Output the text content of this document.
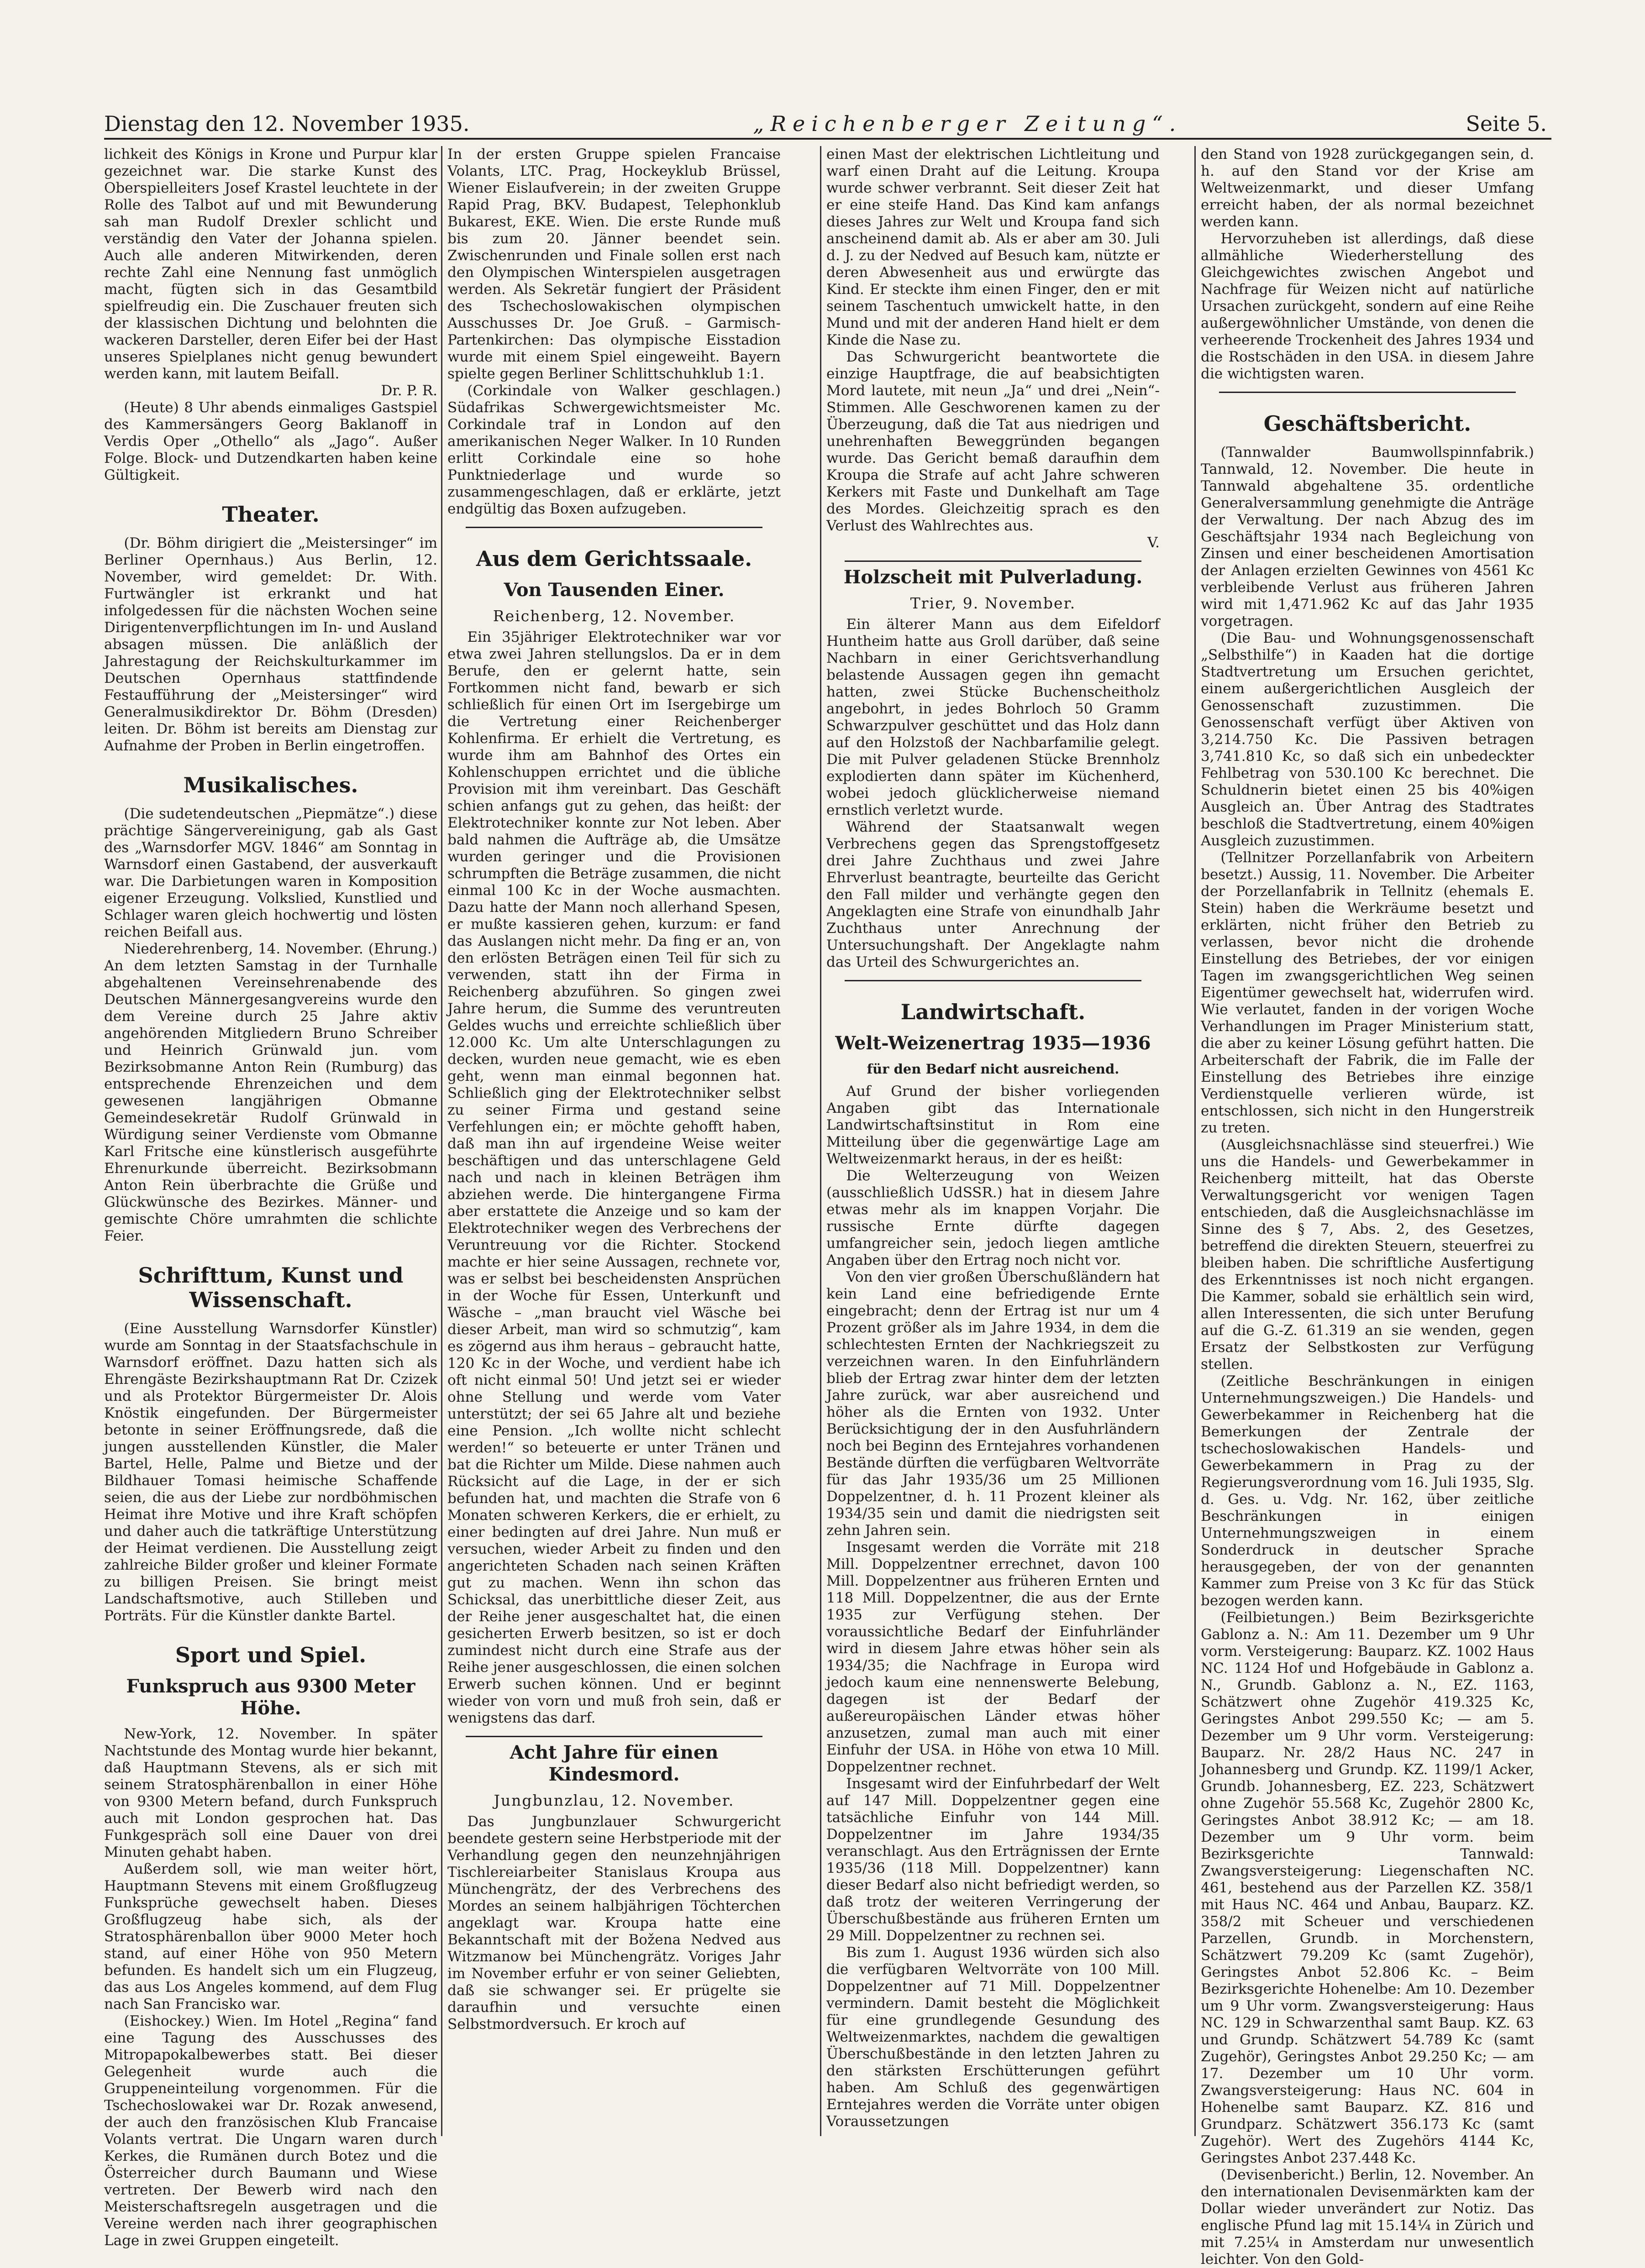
Dienstag den 12. November 1935.	„Reichenberger Zeitung“.	Seite 5.

lichkeit des Königs in Krone und Purpur klar gezeichnet war. Die starke Kunst des Oberspielleiters Josef Krastel leuchtete in der Rolle des Talbot auf und mit Bewunderung sah man Rudolf Drexler schlicht und verständig den Vater der Johanna spielen. Auch alle anderen Mitwirkenden, deren rechte Zahl eine Nennung fast unmöglich macht, fügten sich in das Gesamtbild spielfreudig ein. Die Zuschauer freuten sich der klassischen Dichtung und belohnten die wackeren Darsteller, deren Eifer bei der Hast unseres Spielplanes nicht genug bewundert werden kann, mit lautem Beifall.

Dr. P. R.

(Heute) 8 Uhr abends einmaliges Gastspiel des Kammersängers Georg Baklanoff in Verdis Oper „Othello“ als „Jago“. Außer Folge. Block- und Dutzendkarten haben keine Gültigkeit.

Theater.

(Dr. Böhm dirigiert die „Meistersinger“ im Berliner Opernhaus.) Aus Berlin, 12. November, wird gemeldet: Dr. With. Furtwängler ist erkrankt und hat infolgedessen für die nächsten Wochen seine Dirigentenverpflichtungen im In- und Ausland absagen müssen. Die anläßlich der Jahrestagung der Reichskulturkammer im Deutschen Opernhaus stattfindende Festaufführung der „Meistersinger“ wird Generalmusikdirektor Dr. Böhm (Dresden) leiten. Dr. Böhm ist bereits am Dienstag zur Aufnahme der Proben in Berlin eingetroffen.

Musikalisches.

(Die sudetendeutschen „Piepmätze“.) diese prächtige Sängervereinigung, gab als Gast des „Warnsdorfer MGV. 1846“ am Sonntag in Warnsdorf einen Gastabend, der ausverkauft war. Die Darbietungen waren in Komposition eigener Erzeugung. Volkslied, Kunstlied und Schlager waren gleich hochwertig und lösten reichen Beifall aus.

Niederehrenberg, 14. November. (Ehrung.) An dem letzten Samstag in der Turnhalle abgehaltenen Vereinsehrenabende des Deutschen Männergesangvereins wurde den dem Vereine durch 25 Jahre aktiv angehörenden Mitgliedern Bruno Schreiber und Heinrich Grünwald jun. vom Bezirksobmanne Anton Rein (Rumburg) das entsprechende Ehrenzeichen und dem gewesenen langjährigen Obmanne Gemeindesekretär Rudolf Grünwald in Würdigung seiner Verdienste vom Obmanne Karl Fritsche eine künstlerisch ausgeführte Ehrenurkunde überreicht. Bezirksobmann Anton Rein überbrachte die Grüße und Glückwünsche des Bezirkes. Männer- und gemischte Chöre umrahmten die schlichte Feier.

Schrifttum, Kunst und Wissenschaft.

(Eine Ausstellung Warnsdorfer Künstler) wurde am Sonntag in der Staatsfachschule in Warnsdorf eröffnet. Dazu hatten sich als Ehrengäste Bezirkshauptmann Rat Dr. Czizek und als Protektor Bürgermeister Dr. Alois Knöstik eingefunden. Der Bürgermeister betonte in seiner Eröffnungsrede, daß die jungen ausstellenden Künstler, die Maler Bartel, Helle, Palme und Bietze und der Bildhauer Tomasi heimische Schaffende seien, die aus der Liebe zur nordböhmischen Heimat ihre Motive und ihre Kraft schöpfen und daher auch die tatkräftige Unterstützung der Heimat verdienen. Die Ausstellung zeigt zahlreiche Bilder großer und kleiner Formate zu billigen Preisen. Sie bringt meist Landschaftsmotive, auch Stilleben und Porträts. Für die Künstler dankte Bartel.

Sport und Spiel.
Funkspruch aus 9300 Meter Höhe.

New-York, 12. November. In später Nachtstunde des Montag wurde hier bekannt, daß Hauptmann Stevens, als er sich mit seinem Stratosphärenballon in einer Höhe von 9300 Metern befand, durch Funkspruch auch mit London gesprochen hat. Das Funkgespräch soll eine Dauer von drei Minuten gehabt haben.

Außerdem soll, wie man weiter hört, Hauptmann Stevens mit einem Großflugzeug Funksprüche gewechselt haben. Dieses Großflugzeug habe sich, als der Stratosphärenballon über 9000 Meter hoch stand, auf einer Höhe von 950 Metern befunden. Es handelt sich um ein Flugzeug, das aus Los Angeles kommend, auf dem Flug nach San Francisko war.

(Eishockey.) Wien. Im Hotel „Regina“ fand eine Tagung des Ausschusses des Mitropapokalbewerbes statt. Bei dieser Gelegenheit wurde auch die Gruppeneinteilung vorgenommen. Für die Tschechoslowakei war Dr. Rozak anwesend, der auch den französischen Klub Francaise Volants vertrat. Die Ungarn waren durch Kerkes, die Rumänen durch Botez und die Österreicher durch Baumann und Wiese vertreten. Der Bewerb wird nach den Meisterschaftsregeln ausgetragen und die Vereine werden nach ihrer geographischen Lage in zwei Gruppen eingeteilt.

In der ersten Gruppe spielen Francaise Volants, LTC. Prag, Hockeyklub Brüssel, Wiener Eislaufverein; in der zweiten Gruppe Rapid Prag, BKV. Budapest, Telephonklub Bukarest, EKE. Wien. Die erste Runde muß bis zum 20. Jänner beendet sein. Zwischenrunden und Finale sollen erst nach den Olympischen Winterspielen ausgetragen werden. Als Sekretär fungiert der Präsident des Tschechoslowakischen olympischen Ausschusses Dr. Joe Gruß. – Garmisch-Partenkirchen: Das olympische Eisstadion wurde mit einem Spiel eingeweiht. Bayern spielte gegen Berliner Schlittschuhklub 1:1.

(Corkindale von Walker geschlagen.) Südafrikas Schwergewichtsmeister Mc. Corkindale traf in London auf den amerikanischen Neger Walker. In 10 Runden erlitt Corkindale eine so hohe Punktniederlage und wurde so zusammengeschlagen, daß er erklärte, jetzt endgültig das Boxen aufzugeben.

Aus dem Gerichtssaale.
Von Tausenden Einer.
Reichenberg, 12. November.

Ein 35jähriger Elektrotechniker war vor etwa zwei Jahren stellungslos. Da er in dem Berufe, den er gelernt hatte, sein Fortkommen nicht fand, bewarb er sich schließlich für einen Ort im Isergebirge um die Vertretung einer Reichenberger Kohlenfirma. Er erhielt die Vertretung, es wurde ihm am Bahnhof des Ortes ein Kohlenschuppen errichtet und die übliche Provision mit ihm vereinbart. Das Geschäft schien anfangs gut zu gehen, das heißt: der Elektrotechniker konnte zur Not leben. Aber bald nahmen die Aufträge ab, die Umsätze wurden geringer und die Provisionen schrumpften die Beträge zusammen, die nicht einmal 100 Kc in der Woche ausmachten. Dazu hatte der Mann noch allerhand Spesen, er mußte kassieren gehen, kurzum: er fand das Auslangen nicht mehr. Da fing er an, von den erlösten Beträgen einen Teil für sich zu verwenden, statt ihn der Firma in Reichenberg abzuführen. So gingen zwei Jahre herum, die Summe des veruntreuten Geldes wuchs und erreichte schließlich über 12.000 Kc. Um alte Unterschlagungen zu decken, wurden neue gemacht, wie es eben geht, wenn man einmal begonnen hat. Schließlich ging der Elektrotechniker selbst zu seiner Firma und gestand seine Verfehlungen ein; er möchte gehofft haben, daß man ihn auf irgendeine Weise weiter beschäftigen und das unterschlagene Geld nach und nach in kleinen Beträgen ihm abziehen werde. Die hintergangene Firma aber erstattete die Anzeige und so kam der Elektrotechniker wegen des Verbrechens der Veruntreuung vor die Richter. Stockend machte er hier seine Aussagen, rechnete vor, was er selbst bei bescheidensten Ansprüchen in der Woche für Essen, Unterkunft und Wäsche – „man braucht viel Wäsche bei dieser Arbeit, man wird so schmutzig“, kam es zögernd aus ihm heraus – gebraucht hatte, 120 Kc in der Woche, und verdient habe ich oft nicht einmal 50! Und jetzt sei er wieder ohne Stellung und werde vom Vater unterstützt; der sei 65 Jahre alt und beziehe eine Pension. „Ich wollte nicht schlecht werden!“ so beteuerte er unter Tränen und bat die Richter um Milde. Diese nahmen auch Rücksicht auf die Lage, in der er sich befunden hat, und machten die Strafe von 6 Monaten schweren Kerkers, die er erhielt, zu einer bedingten auf drei Jahre. Nun muß er versuchen, wieder Arbeit zu finden und den angerichteten Schaden nach seinen Kräften gut zu machen. Wenn ihn schon das Schicksal, das unerbittliche dieser Zeit, aus der Reihe jener ausgeschaltet hat, die einen gesicherten Erwerb besitzen, so ist er doch zumindest nicht durch eine Strafe aus der Reihe jener ausgeschlossen, die einen solchen Erwerb suchen können. Und er beginnt wieder von vorn und muß froh sein, daß er wenigstens das darf.

Acht Jahre für einen Kindesmord.
Jungbunzlau, 12. November.

Das Jungbunzlauer Schwurgericht beendete gestern seine Herbstperiode mit der Verhandlung gegen den neunzehnjährigen Tischlereiarbeiter Stanislaus Kroupa aus Münchengrätz, der des Verbrechens des Mordes an seinem halbjährigen Töchterchen angeklagt war. Kroupa hatte eine Bekanntschaft mit der Božena Nedved aus Witzmanow bei Münchengrätz. Voriges Jahr im November erfuhr er von seiner Geliebten, daß sie schwanger sei. Er prügelte sie daraufhin und versuchte einen Selbstmordversuch. Er kroch auf

einen Mast der elektrischen Lichtleitung und warf einen Draht auf die Leitung. Kroupa wurde schwer verbrannt. Seit dieser Zeit hat er eine steife Hand. Das Kind kam anfangs dieses Jahres zur Welt und Kroupa fand sich anscheinend damit ab. Als er aber am 30. Juli d. J. zu der Nedved auf Besuch kam, nützte er deren Abwesenheit aus und erwürgte das Kind. Er steckte ihm einen Finger, den er mit seinem Taschentuch umwickelt hatte, in den Mund und mit der anderen Hand hielt er dem Kinde die Nase zu.

Das Schwurgericht beantwortete die einzige Hauptfrage, die auf beabsichtigten Mord lautete, mit neun „Ja“ und drei „Nein“-Stimmen. Alle Geschworenen kamen zu der Überzeugung, daß die Tat aus niedrigen und unehrenhaften Beweggründen begangen wurde. Das Gericht bemaß daraufhin dem Kroupa die Strafe auf acht Jahre schweren Kerkers mit Faste und Dunkelhaft am Tage des Mordes. Gleichzeitig sprach es den Verlust des Wahlrechtes aus.

V.

Holzscheit mit Pulverladung.
Trier, 9. November.

Ein älterer Mann aus dem Eifeldorf Huntheim hatte aus Groll darüber, daß seine Nachbarn in einer Gerichtsverhandlung belastende Aussagen gegen ihn gemacht hatten, zwei Stücke Buchenscheitholz angebohrt, in jedes Bohrloch 50 Gramm Schwarzpulver geschüttet und das Holz dann auf den Holzstoß der Nachbarfamilie gelegt. Die mit Pulver geladenen Stücke Brennholz explodierten dann später im Küchenherd, wobei jedoch glücklicherweise niemand ernstlich verletzt wurde.

Während der Staatsanwalt wegen Verbrechens gegen das Sprengstoffgesetz drei Jahre Zuchthaus und zwei Jahre Ehrverlust beantragte, beurteilte das Gericht den Fall milder und verhängte gegen den Angeklagten eine Strafe von einundhalb Jahr Zuchthaus unter Anrechnung der Untersuchungshaft. Der Angeklagte nahm das Urteil des Schwurgerichtes an.

Landwirtschaft.
Welt-Weizenertrag 1935—1936
für den Bedarf nicht ausreichend.

Auf Grund der bisher vorliegenden Angaben gibt das Internationale Landwirtschaftsinstitut in Rom eine Mitteilung über die gegenwärtige Lage am Weltweizenmarkt heraus, in der es heißt:

Die Welterzeugung von Weizen (ausschließlich UdSSR.) hat in diesem Jahre etwas mehr als im knappen Vorjahr. Die russische Ernte dürfte dagegen umfangreicher sein, jedoch liegen amtliche Angaben über den Ertrag noch nicht vor.

Von den vier großen Überschußländern hat kein Land eine befriedigende Ernte eingebracht; denn der Ertrag ist nur um 4 Prozent größer als im Jahre 1934, in dem die schlechtesten Ernten der Nachkriegszeit zu verzeichnen waren. In den Einfuhrländern blieb der Ertrag zwar hinter dem der letzten Jahre zurück, war aber ausreichend und höher als die Ernten von 1932. Unter Berücksichtigung der in den Ausfuhrländern noch bei Beginn des Erntejahres vorhandenen Bestände dürften die verfügbaren Weltvorräte für das Jahr 1935/36 um 25 Millionen Doppelzentner, d. h. 11 Prozent kleiner als 1934/35 sein und damit die niedrigsten seit zehn Jahren sein.

Insgesamt werden die Vorräte mit 218 Mill. Doppelzentner errechnet, davon 100 Mill. Doppelzentner aus früheren Ernten und 118 Mill. Doppelzentner, die aus der Ernte 1935 zur Verfügung stehen. Der voraussichtliche Bedarf der Einfuhrländer wird in diesem Jahre etwas höher sein als 1934/35; die Nachfrage in Europa wird jedoch kaum eine nennenswerte Belebung, dagegen ist der Bedarf der außereuropäischen Länder etwas höher anzusetzen, zumal man auch mit einer Einfuhr der USA. in Höhe von etwa 10 Mill. Doppelzentner rechnet.

Insgesamt wird der Einfuhrbedarf der Welt auf 147 Mill. Doppelzentner gegen eine tatsächliche Einfuhr von 144 Mill. Doppelzentner im Jahre 1934/35 veranschlagt. Aus den Erträgnissen der Ernte 1935/36 (118 Mill. Doppelzentner) kann dieser Bedarf also nicht befriedigt werden, so daß trotz der weiteren Verringerung der Überschußbestände aus früheren Ernten um 29 Mill. Doppelzentner zu rechnen sei.

Bis zum 1. August 1936 würden sich also die verfügbaren Weltvorräte von 100 Mill. Doppelzentner auf 71 Mill. Doppelzentner vermindern. Damit besteht die Möglichkeit für eine grundlegende Gesundung des Weltweizenmarktes, nachdem die gewaltigen Überschußbestände in den letzten Jahren zu den stärksten Erschütterungen geführt haben. Am Schluß des gegenwärtigen Erntejahres werden die Vorräte unter obigen Voraussetzungen

den Stand von 1928 zurückgegangen sein, d. h. auf den Stand vor der Krise am Weltweizenmarkt, und dieser Umfang erreicht haben, der als normal bezeichnet werden kann.

Hervorzuheben ist allerdings, daß diese allmähliche Wiederherstellung des Gleichgewichtes zwischen Angebot und Nachfrage für Weizen nicht auf natürliche Ursachen zurückgeht, sondern auf eine Reihe außergewöhnlicher Umstände, von denen die verheerende Trockenheit des Jahres 1934 und die Rostschäden in den USA. in diesem Jahre die wichtigsten waren.

Geschäftsbericht.

(Tannwalder Baumwollspinnfabrik.) Tannwald, 12. November. Die heute in Tannwald abgehaltene 35. ordentliche Generalversammlung genehmigte die Anträge der Verwaltung. Der nach Abzug des im Geschäftsjahr 1934 nach Begleichung von Zinsen und einer bescheidenen Amortisation der Anlagen erzielten Gewinnes von 4561 Kc verbleibende Verlust aus früheren Jahren wird mit 1,471.962 Kc auf das Jahr 1935 vorgetragen.

(Die Bau- und Wohnungsgenossenschaft „Selbsthilfe“) in Kaaden hat die dortige Stadtvertretung um Ersuchen gerichtet, einem außergerichtlichen Ausgleich der Genossenschaft zuzustimmen. Die Genossenschaft verfügt über Aktiven von 3,214.750 Kc. Die Passiven betragen 3,741.810 Kc, so daß sich ein unbedeckter Fehlbetrag von 530.100 Kc berechnet. Die Schuldnerin bietet einen 25 bis 40%igen Ausgleich an. Über Antrag des Stadtrates beschloß die Stadtvertretung, einem 40%igen Ausgleich zuzustimmen.

(Tellnitzer Porzellanfabrik von Arbeitern besetzt.) Aussig, 11. November. Die Arbeiter der Porzellanfabrik in Tellnitz (ehemals E. Stein) haben die Werkräume besetzt und erklärten, nicht früher den Betrieb zu verlassen, bevor nicht die drohende Einstellung des Betriebes, der vor einigen Tagen im zwangsgerichtlichen Weg seinen Eigentümer gewechselt hat, widerrufen wird. Wie verlautet, fanden in der vorigen Woche Verhandlungen im Prager Ministerium statt, die aber zu keiner Lösung geführt hatten. Die Arbeiterschaft der Fabrik, die im Falle der Einstellung des Betriebes ihre einzige Verdienstquelle verlieren würde, ist entschlossen, sich nicht in den Hungerstreik zu treten.

(Ausgleichsnachlässe sind steuerfrei.) Wie uns die Handels- und Gewerbekammer in Reichenberg mitteilt, hat das Oberste Verwaltungsgericht vor wenigen Tagen entschieden, daß die Ausgleichsnachlässe im Sinne des § 7, Abs. 2, des Gesetzes, betreffend die direkten Steuern, steuerfrei zu bleiben haben. Die schriftliche Ausfertigung des Erkenntnisses ist noch nicht ergangen. Die Kammer, sobald sie erhältlich sein wird, allen Interessenten, die sich unter Berufung auf die G.-Z. 61.319 an sie wenden, gegen Ersatz der Selbstkosten zur Verfügung stellen.

(Zeitliche Beschränkungen in einigen Unternehmungszweigen.) Die Handels- und Gewerbekammer in Reichenberg hat die Bemerkungen der Zentrale der tschechoslowakischen Handels- und Gewerbekammern in Prag zu der Regierungsverordnung vom 16. Juli 1935, Slg. d. Ges. u. Vdg. Nr. 162, über zeitliche Beschränkungen in einigen Unternehmungszweigen in einem Sonderdruck in deutscher Sprache herausgegeben, der von der genannten Kammer zum Preise von 3 Kc für das Stück bezogen werden kann.

(Feilbietungen.) Beim Bezirksgerichte Gablonz a. N.: Am 11. Dezember um 9 Uhr vorm. Versteigerung: Bauparz. KZ. 1002 Haus NC. 1124 Hof und Hofgebäude in Gablonz a. N., Grundb. Gablonz a. N., EZ. 1163, Schätzwert ohne Zugehör 419.325 Kc, Geringstes Anbot 299.550 Kc; — am 5. Dezember um 9 Uhr vorm. Versteigerung: Bauparz. Nr. 28/2 Haus NC. 247 in Johannesberg und Grundp. KZ. 1199/1 Acker, Grundb. Johannesberg, EZ. 223, Schätzwert ohne Zugehör 55.568 Kc, Zugehör 2800 Kc, Geringstes Anbot 38.912 Kc; — am 18. Dezember um 9 Uhr vorm. beim Bezirksgerichte Tannwald: Zwangsversteigerung: Liegenschaften NC. 461, bestehend aus der Parzellen KZ. 358/1 mit Haus NC. 464 und Anbau, Bauparz. KZ. 358/2 mit Scheuer und verschiedenen Parzellen, Grundb. in Morchenstern, Schätzwert 79.209 Kc (samt Zugehör), Geringstes Anbot 52.806 Kc. – Beim Bezirksgerichte Hohenelbe: Am 10. Dezember um 9 Uhr vorm. Zwangsversteigerung: Haus NC. 129 in Schwarzenthal samt Baup. KZ. 63 und Grundp. Schätzwert 54.789 Kc (samt Zugehör), Geringstes Anbot 29.250 Kc; — am 17. Dezember um 10 Uhr vorm. Zwangsversteigerung: Haus NC. 604 in Hohenelbe samt Bauparz. KZ. 816 und Grundparz. Schätzwert 356.173 Kc (samt Zugehör). Wert des Zugehörs 4144 Kc, Geringstes Anbot 237.448 Kc.

(Devisenbericht.) Berlin, 12. November. An den internationalen Devisenmärkten kam der Dollar wieder unverändert zur Notiz. Das englische Pfund lag mit 15.14¼ in Zürich und mit 7.25¼ in Amsterdam nur unwesentlich leichter. Von den Gold-
